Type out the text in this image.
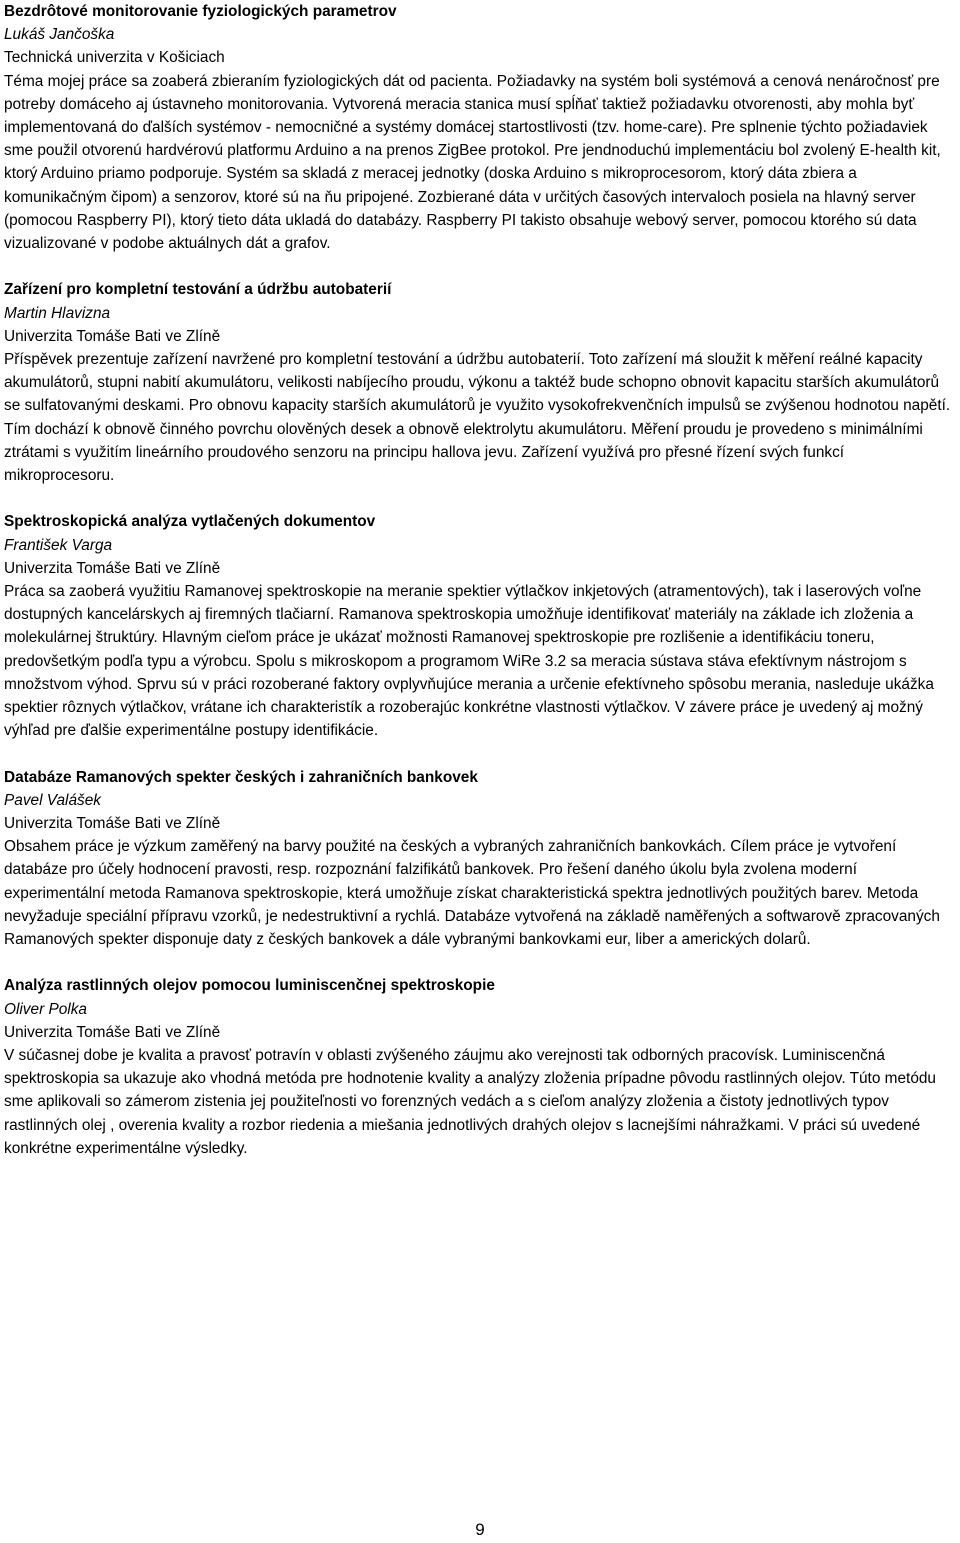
Bezdrôtové monitorovanie fyziologických parametrov
Lukáš Jančoška
Technická univerzita v Košiciach
Téma mojej práce sa zoaberá zbieraním fyziologických dát od pacienta. Požiadavky na systém boli systémová a cenová nenáročnosť pre potreby domáceho aj ústavneho monitorovania. Vytvorená meracia stanica musí spĺňať taktiež požiadavku otvorenosti, aby mohla byť implementovaná do ďalších systémov - nemocničné a systémy domácej startostlivosti (tzv. home-care). Pre splnenie týchto požiadaviek sme použil otvorenú hardvérovú platformu Arduino a na prenos ZigBee protokol. Pre jendnoduchú implementáciu bol zvolený E-health kit, ktorý Arduino priamo podporuje. Systém sa skladá z meracej jednotky (doska Arduino s mikroprocesorom, ktorý dáta zbiera a komunikačným čipom) a senzorov, ktoré sú na ňu pripojené. Zozbierané dáta v určitých časových intervaloch posiela na hlavný server (pomocou Raspberry PI), ktorý tieto dáta ukladá do databázy. Raspberry PI takisto obsahuje webový server, pomocou ktorého sú data vizualizované v podobe aktuálnych dát a grafov.
Zařízení pro kompletní testování a údržbu autobaterií
Martin Hlavizna
Univerzita Tomáše Bati ve Zlíně
Příspěvek prezentuje zařízení navržené pro kompletní testování a údržbu autobaterií. Toto zařízení má sloužit k měření reálné kapacity akumulátorů, stupni nabití akumulátoru, velikosti nabíjecího proudu, výkonu a taktéž bude schopno obnovit kapacitu starších akumulátorů se sulfatovanými deskami. Pro obnovu kapacity starších akumulátorů je využito vysokofrekvenčních impulsů se zvýšenou hodnotou napětí. Tím dochází k obnově činného povrchu olověných desek a obnově elektrolytu akumulátoru. Měření proudu je provedeno s minimálními ztrátami s využitím lineárního proudového senzoru na principu hallova jevu. Zařízení využívá pro přesné řízení svých funkcí mikroprocesoru.
Spektroskopická analýza vytlačených dokumentov
František Varga
Univerzita Tomáše Bati ve Zlíně
Práca sa zaoberá využitiu Ramanovej spektroskopie na meranie spektier výtlačkov inkjetových (atramentových), tak i laserových voľne dostupných kancelárskych aj firemných tlačiarní. Ramanova spektroskopia umožňuje identifikovať materiály na základe ich zloženia a molekulárnej štruktúry. Hlavným cieľom práce je ukázať možnosti Ramanovej spektroskopie pre rozlišenie a identifikáciu toneru, predovšetkým podľa typu a výrobcu. Spolu s mikroskopom a programom WiRe 3.2 sa meracia sústava stáva efektívnym nástrojom s množstvom výhod. Sprvu sú v práci rozoberané faktory ovplyvňujúce merania a určenie efektívneho spôsobu merania, nasleduje ukážka spektier rôznych výtlačkov, vrátane ich charakteristík a rozoberajúc konkrétne vlastnosti výtlačkov. V závere práce je uvedený aj možný výhľad pre ďalšie experimentálne postupy identifikácie.
Databáze Ramanových spekter českých i zahraničních bankovek
Pavel Valášek
Univerzita Tomáše Bati ve Zlíně
Obsahem práce je výzkum zaměřený na barvy použité na českých a vybraných zahraničních bankovkách. Cílem práce je vytvoření databáze pro účely hodnocení pravosti, resp. rozpoznání falzifikátů bankovek. Pro řešení daného úkolu byla zvolena moderní experimentální metoda Ramanova spektroskopie, která umožňuje získat charakteristická spektra jednotlivých použitých barev. Metoda nevyžaduje speciální přípravu vzorků, je nedestruktivní a rychlá. Databáze vytvořená na základě naměřených a softwarově zpracovaných Ramanových spekter disponuje daty z českých bankovek a dále vybranými bankovkami eur, liber a amerických dolarů.
Analýza rastlinných olejov pomocou luminiscenčnej spektroskopie
Oliver Polka
Univerzita Tomáše Bati ve Zlíně
V súčasnej dobe je kvalita a pravosť potravín v oblasti zvýšeného záujmu ako verejnosti tak odborných pracovísk. Luminiscenčná spektroskopia sa ukazuje ako vhodná metóda pre hodnotenie kvality a analýzy zloženia prípadne pôvodu rastlinných olejov. Túto metódu sme aplikovali so zámerom zistenia jej použiteľnosti vo forenzných vedách a s cieľom analýzy zloženia a čistoty jednotlivých typov rastlinných olej , overenia kvality a rozbor riedenia a miešania jednotlivých drahých olejov s lacnejšími náhražkami. V práci sú uvedené konkrétne experimentálne výsledky.
9
